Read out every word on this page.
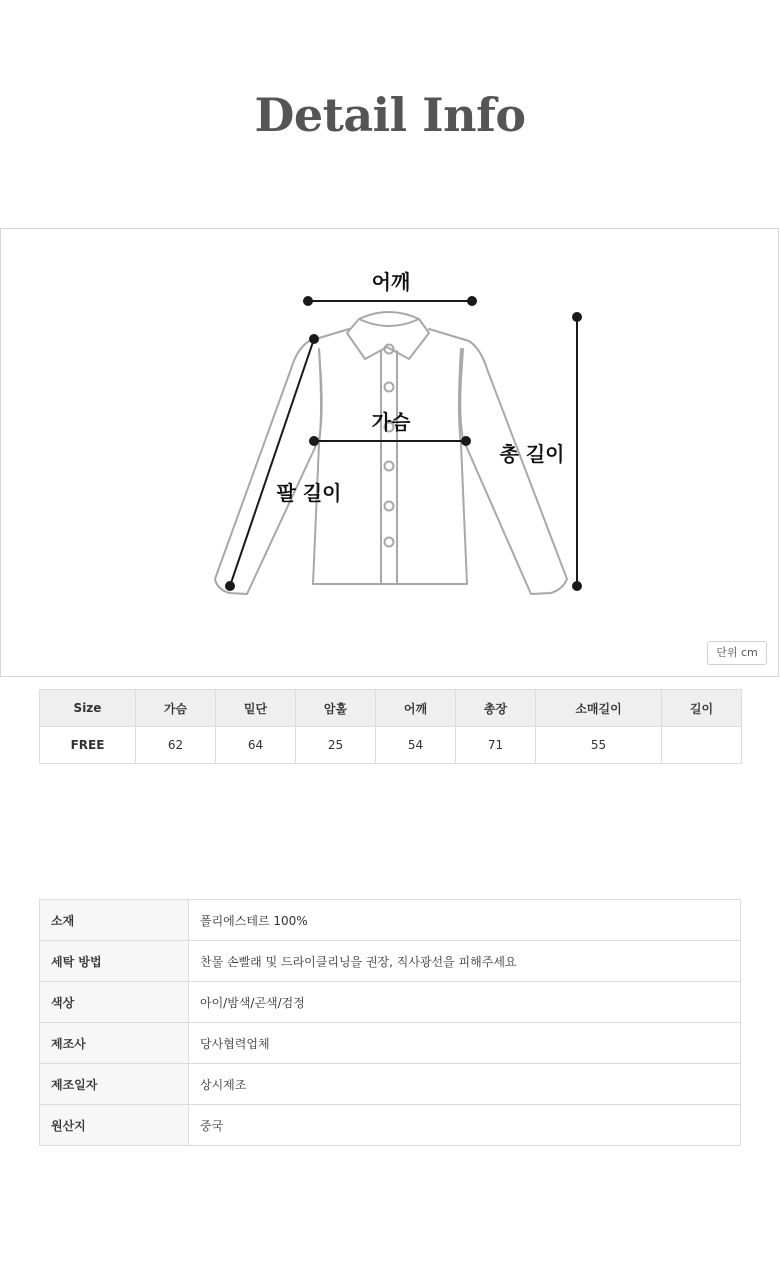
Detail Info
어깨
가슴
총 길이
팔 길이
단위 cm
Size	가슴	밑단	암홀	어깨	총장	소매길이	길이
FREE	62	64	25	54	71	55	
소재	폴리에스테르 100%
세탁 방법	찬물 손빨래 및 드라이클리닝을 권장, 직사광선을 피해주세요
색상	아이/밤색/곤색/검정
제조사	당사협력업체
제조일자	상시제조
원산지	중국
